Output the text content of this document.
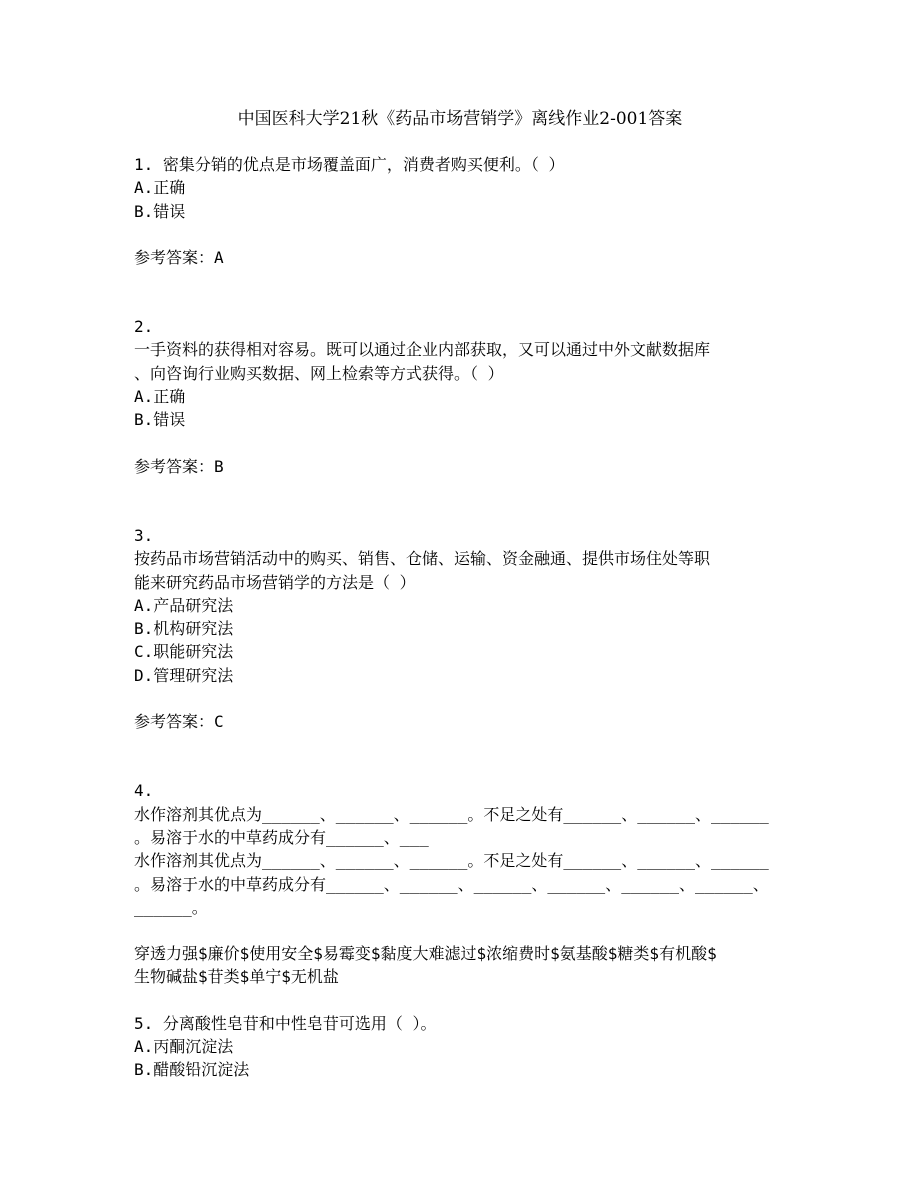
中国医科大学21秋《药品市场营销学》离线作业2-001答案
1. 密集分销的优点是市场覆盖面广，消费者购买便利。（ ）
A.正确
B.错误
参考答案：A
2.
一手资料的获得相对容易。既可以通过企业内部获取，又可以通过中外文献数据库
、向咨询行业购买数据、网上检索等方式获得。（ ）
A.正确
B.错误
参考答案：B
3.
按药品市场营销活动中的购买、销售、仓储、运输、资金融通、提供市场住处等职
能来研究药品市场营销学的方法是（ ）
A.产品研究法
B.机构研究法
C.职能研究法
D.管理研究法
参考答案：C
4.
水作溶剂其优点为______、______、______。不足之处有______、______、______
。易溶于水的中草药成分有______、___
水作溶剂其优点为______、______、______。不足之处有______、______、______
。易溶于水的中草药成分有______、______、______、______、______、______、
______。
穿透力强$廉价$使用安全$易霉变$黏度大难滤过$浓缩费时$氨基酸$糖类$有机酸$
生物碱盐$苷类$单宁$无机盐
5. 分离酸性皂苷和中性皂苷可选用（ ）。
A.丙酮沉淀法
B.醋酸铅沉淀法
